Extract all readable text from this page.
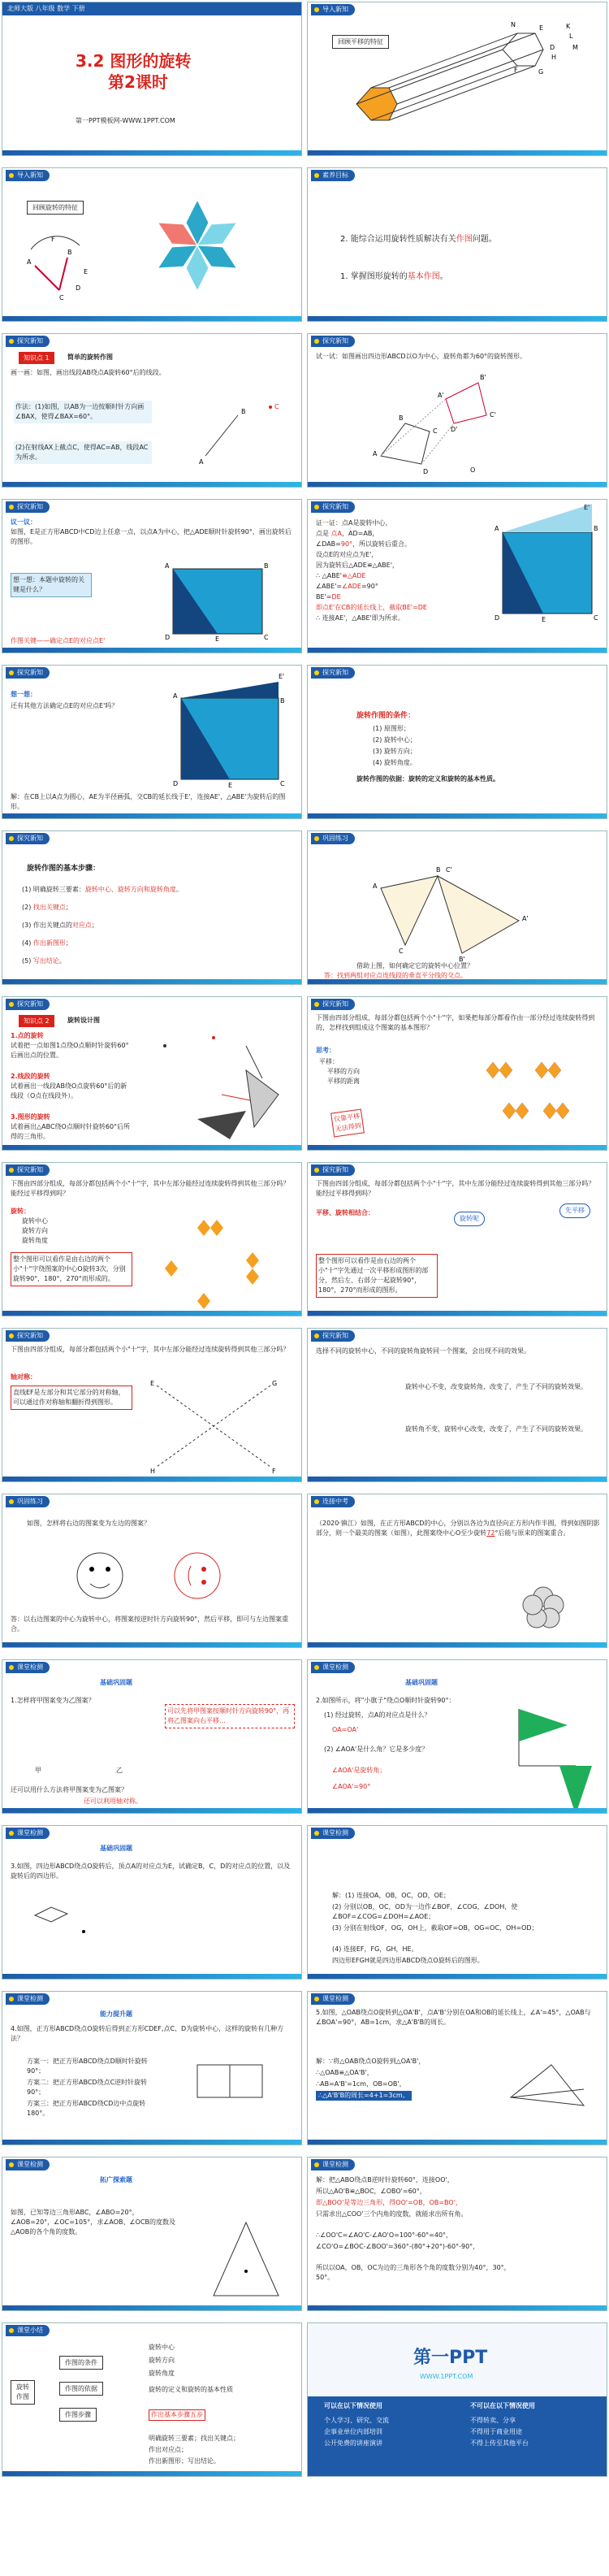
北师大版 八年级 数学 下册
3.2 图形的旋转
第2课时
第一PPT模板网-WWW.1PPT.COM
导入新知
回顾平移的特征
D
E
F	G
H
K
L
M
N
导入新知
回顾旋转的特征
A
B
C
D
E
F
素养目标
2. 能综合运用旋转性质解决有关作图问题。
1. 掌握图形旋转的基本作图。
探究新知
知识点 1	简单的旋转作图
画一画：如图，画出线段AB绕点A旋转60°后的线段。
作法：(1)如图，以AB为一边按顺时针方向画∠BAX，使得∠BAX=60°。
(2)在射线AX上截点C，使得AC=AB，线段AC为所求。
A
B
C
探究新知
试一试：如图画出四边形ABCD以O为中心，旋转角都为60°的旋转图形。
A
B
C
D	O
A'
B'
C'
D'
探究新知
议一议：
如图，E是正方形ABCD中CD边上任意一点，以点A为中心，把△ADE顺时针旋转90°，画出旋转后的图形。
想一想：本题中旋转的关键是什么？
作图关键——确定点E的对应点E'
A	B
C
D	E
探究新知
证一证：点A是旋转中心，
点是 点A，AD=AB，
∠DAB=90°，所以旋转后重合。
设点E的对应点为E'，
因为旋转后△ADE≌△ABE'，
∴ △ABE'≌△ADE
∠ABE'=∠ADE=90°
BE'=DE
即点E'在CB的延长线上，截取BE'=DE
∴ 连接AE'，△ABE'即为所求。
A	B
C
D	E
E'
探究新知
想一想：
还有其他方法确定点E的对应点E'吗？
解：在CB上以A点为圆心，AE为半径画弧，交CB的延长线于E'，连接AE'，△ABE'为旋转后的图形。
A
B
C
D	E
E'
探究新知
旋转作图的条件：
(1) 原图形；
(2) 旋转中心；
(3) 旋转方向；
(4) 旋转角度。
旋转作图的依据：旋转的定义和旋转的基本性质。
探究新知
旋转作图的基本步骤：
(1) 明确旋转三要素：旋转中心、旋转方向和旋转角度。
(2) 找出关键点；
(3) 作出关键点的对应点；
(4) 作出新图形；
(5) 写出结论。
巩固练习
A
B
C
A'
B'
C'
借助上图，如何确定它的旋转中心位置？
答：找到两组对应点连线段的垂直平分线的交点。
探究新知
知识点 2	旋转设计图
1.点的旋转
试着把一点如图1点绕O点顺时针旋转60°后画出点的位置。
2.线段的旋转
试着画出一线段AB绕O点旋转60°后的新线段（O点在线段外）。
3.图形的旋转
试着画出△ABC绕O点顺时针旋转60°后所得的三角形。
探究新知
下图由四部分组成，每部分都包括两个小"十"字，如果把每部分都看作由一部分经过连续旋转得到的，怎样找到组成这个图案的基本图形？
思考：
平移：
平移的方向
平移的距离
仅靠平移
无法得到
探究新知
下图由四部分组成，每部分都包括两个小"十"字，其中左部分能经过连续旋转得到其他三部分吗？能经过平移得到吗？
旋转：
旋转中心
旋转方向
旋转角度
整个图形可以看作是由右边的两个小"十"字绕图案的中心O旋转3次，分别旋转90°，180°，270°而形成的。
探究新知
下图由四部分组成，每部分都包括两个小"十"字，其中左部分能经过连续旋转得到其他三部分吗？能经过平移得到吗？
平移、旋转相结合：
旋转呢
先平移
整个图形可以看作是由右边的两个小"十"字先通过一次平移形成图形的部分，然后左、右部分一起旋转90°，180°，270°而形成的图形。
探究新知
下图由四部分组成，每部分都包括两个小"十"字，其中左部分能经过连续旋转得到其他三部分吗？
轴对称：
直线EF是左部分和其它部分的对称轴，可以通过作对称轴和翻折得到图形。
E
F
G
H
探究新知
选择不同的旋转中心，不同的旋转角旋转同一个图案，会出现不同的效果。
旋转中心不变，改变旋转角，改变了，产生了不同的旋转效果。
旋转角不变，旋转中心改变，改变了，产生了不同的旋转效果。
巩固练习
如图，怎样将右边的图案变为左边的图案？
答：以右边图案的中心为旋转中心，将图案按逆时针方向旋转90°，然后平移，即可与左边图案重合。
连接中考
（2020·镇江）如图，在正方形ABCD的中心，分别以各边为直径向正方形内作半圆，得到如图阴影部分，则一个最美的图案（如图），此图案绕中心O至少旋转72°后能与原来的图案重合。
课堂检测
基础巩固题
1.怎样将甲图案变为乙图案？
可以先将甲图案按顺时针方向旋转90°，再将乙图案向右平移...
甲	乙
还可以用什么方法将甲图案变为乙图案？
还可以利用轴对称。
课堂检测
基础巩固题
2.如图所示，将"小旗子"绕点O顺时针旋转90°：
(1) 经过旋转，点A的对应点是什么？
OA=OA'
(2) ∠AOA'是什么角？它是多少度？
∠AOA'是旋转角；
∠AOA'=90°
课堂检测
基础巩固题
3.如图，四边形ABCD绕点O旋转后，顶点A的对应点为E，试确定B，C，D的对应点的位置，以及旋转后的四边形。
课堂检测
解：(1) 连接OA，OB，OC，OD，OE；
(2) 分别以OB，OC，OD为一边作∠BOF，∠COG，∠DOH，使∠BOF=∠COG=∠DOH=∠AOE；
(3) 分别在射线OF，OG，OH上，截取OF=OB，OG=OC，OH=OD；
(4) 连接EF，FG，GH，HE。
四边形EFGH就是四边形ABCD绕点O旋转后的图形。
课堂检测
能力提升题
4.如图，正方形ABCD绕点O旋转后得到正方形CDEF,点C、D为旋转中心，这样的旋转有几种方法？
方案一：把正方形ABCD绕点D顺时针旋转90°；
方案二：把正方形ABCD绕点C逆时针旋转90°；
方案三：把正方形ABCD绕CD边中点旋转180°。
课堂检测
5.如图，△OAB绕点O旋转到△OA'B'，点A'B'分别在OA和OB的延长线上，∠A'=45°，△OAB与∠BOA'=90°，AB=1cm，求△A'B'B的周长。
解：∵将△OAB绕点O旋转到△OA'B'，
∴△OAB≌△OA'B'，
∴AB=A'B'=1cm，OB=OB'，
∴△A'B'B的周长=4+1=3cm。
课堂检测
拓广探索题
如图，已知等边三角形ABC，∠ABO=20°，∠AOB=20°，∠OC=105°，求∠AOB、∠OCB的度数及△AOB的各个角的度数。
课堂检测
解：把△ABO绕点B逆时针旋转60°，连接OO'，
所以△AO'B≌△BOC，∠OBO'=60°，
即△BOO'是等边三角形，得OO'=OB，OB=BO'，
只需求出△COO'三个内角的度数，就能求出所有角。
∴∠OO'C=∠AO'C-∠AO'O=100°-60°=40°，
∠CO'O=∠BOC-∠BOO'=360°-(80°+20°)-60°-90°，
所以以OA，OB，OC为边的三角形各个角的度数分别为40°，30°，50°。
课堂小结
旋转作图
作图的条件
作图的依据
作图步骤
旋转中心
旋转方向
旋转角度
旋转的定义和旋转的基本性质
作出基本步骤五步
明确旋转三要素；找出关键点；
作出对应点；
作出新图形；写出结论。
第一PPT
WWW.1PPT.COM
可以在以下情况使用
个人学习、研究、交流
企事业单位内部培训
公开免费的讲座演讲
不可以在以下情况使用
不得转卖、分享
不得用于商业用途
不得上传至其他平台
